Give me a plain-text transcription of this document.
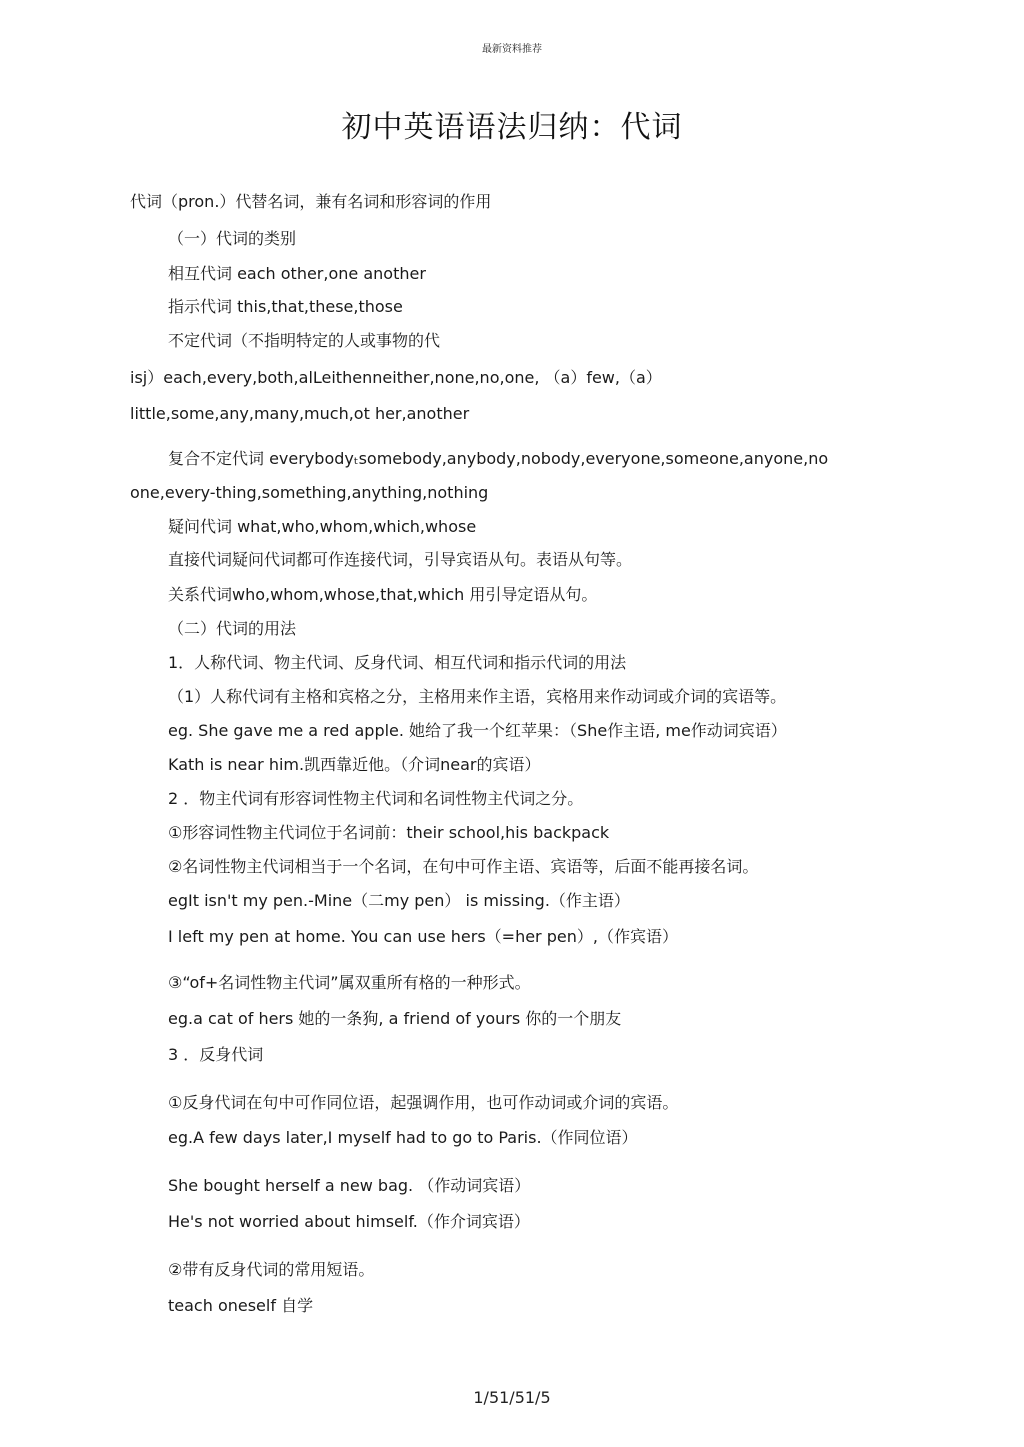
最新资料推荐
初中英语语法归纳：代词
代词（pron.）代替名词，兼有名词和形容词的作用
（一）代词的类别
相互代词 each other,one another
指示代词 this,that,these,those
不定代词（不指明特定的人或事物的代
isj）each,every,both,alLeithenneither,none,no,one, （a）few,（a）
little,some,any,many,much,ot her,another
复合不定代词 everybodyₜsomebody,anybody,nobody,everyone,someone,anyone,no
one,every-thing,something,anything,nothing
疑问代词 what,who,whom,which,whose
直接代词疑问代词都可作连接代词，引导宾语从句。表语从句等。
关系代词who,whom,whose,that,which 用引导定语从句。
（二）代词的用法
1．人称代词、物主代词、反身代词、相互代词和指示代词的用法
（1）人称代词有主格和宾格之分，主格用来作主语，宾格用来作动词或介词的宾语等。
eg. She gave me a red apple. 她给了我一个红苹果：（She作主语, me作动词宾语）
Kath is near him.凯西靠近他。（介词near的宾语）
2 ．物主代词有形容词性物主代词和名词性物主代词之分。
①形容词性物主代词位于名词前：their school,his backpack
②名词性物主代词相当于一个名词，在句中可作主语、宾语等，后面不能再接名词。
egIt isn't my pen.-Mine（二my pen） is missing.（作主语）
I left my pen at home. You can use hers（=her pen）,（作宾语）
③“of+名词性物主代词”属双重所有格的一种形式。
eg.a cat of hers 她的一条狗, a friend of yours 你的一个朋友
3 ．反身代词
①反身代词在句中可作同位语，起强调作用，也可作动词或介词的宾语。
eg.A few days later,I myself had to go to Paris.（作同位语）
She bought herself a new bag. （作动词宾语）
He's not worried about himself.（作介词宾语）
②带有反身代词的常用短语。
teach oneself 自学
1/51/51/5
